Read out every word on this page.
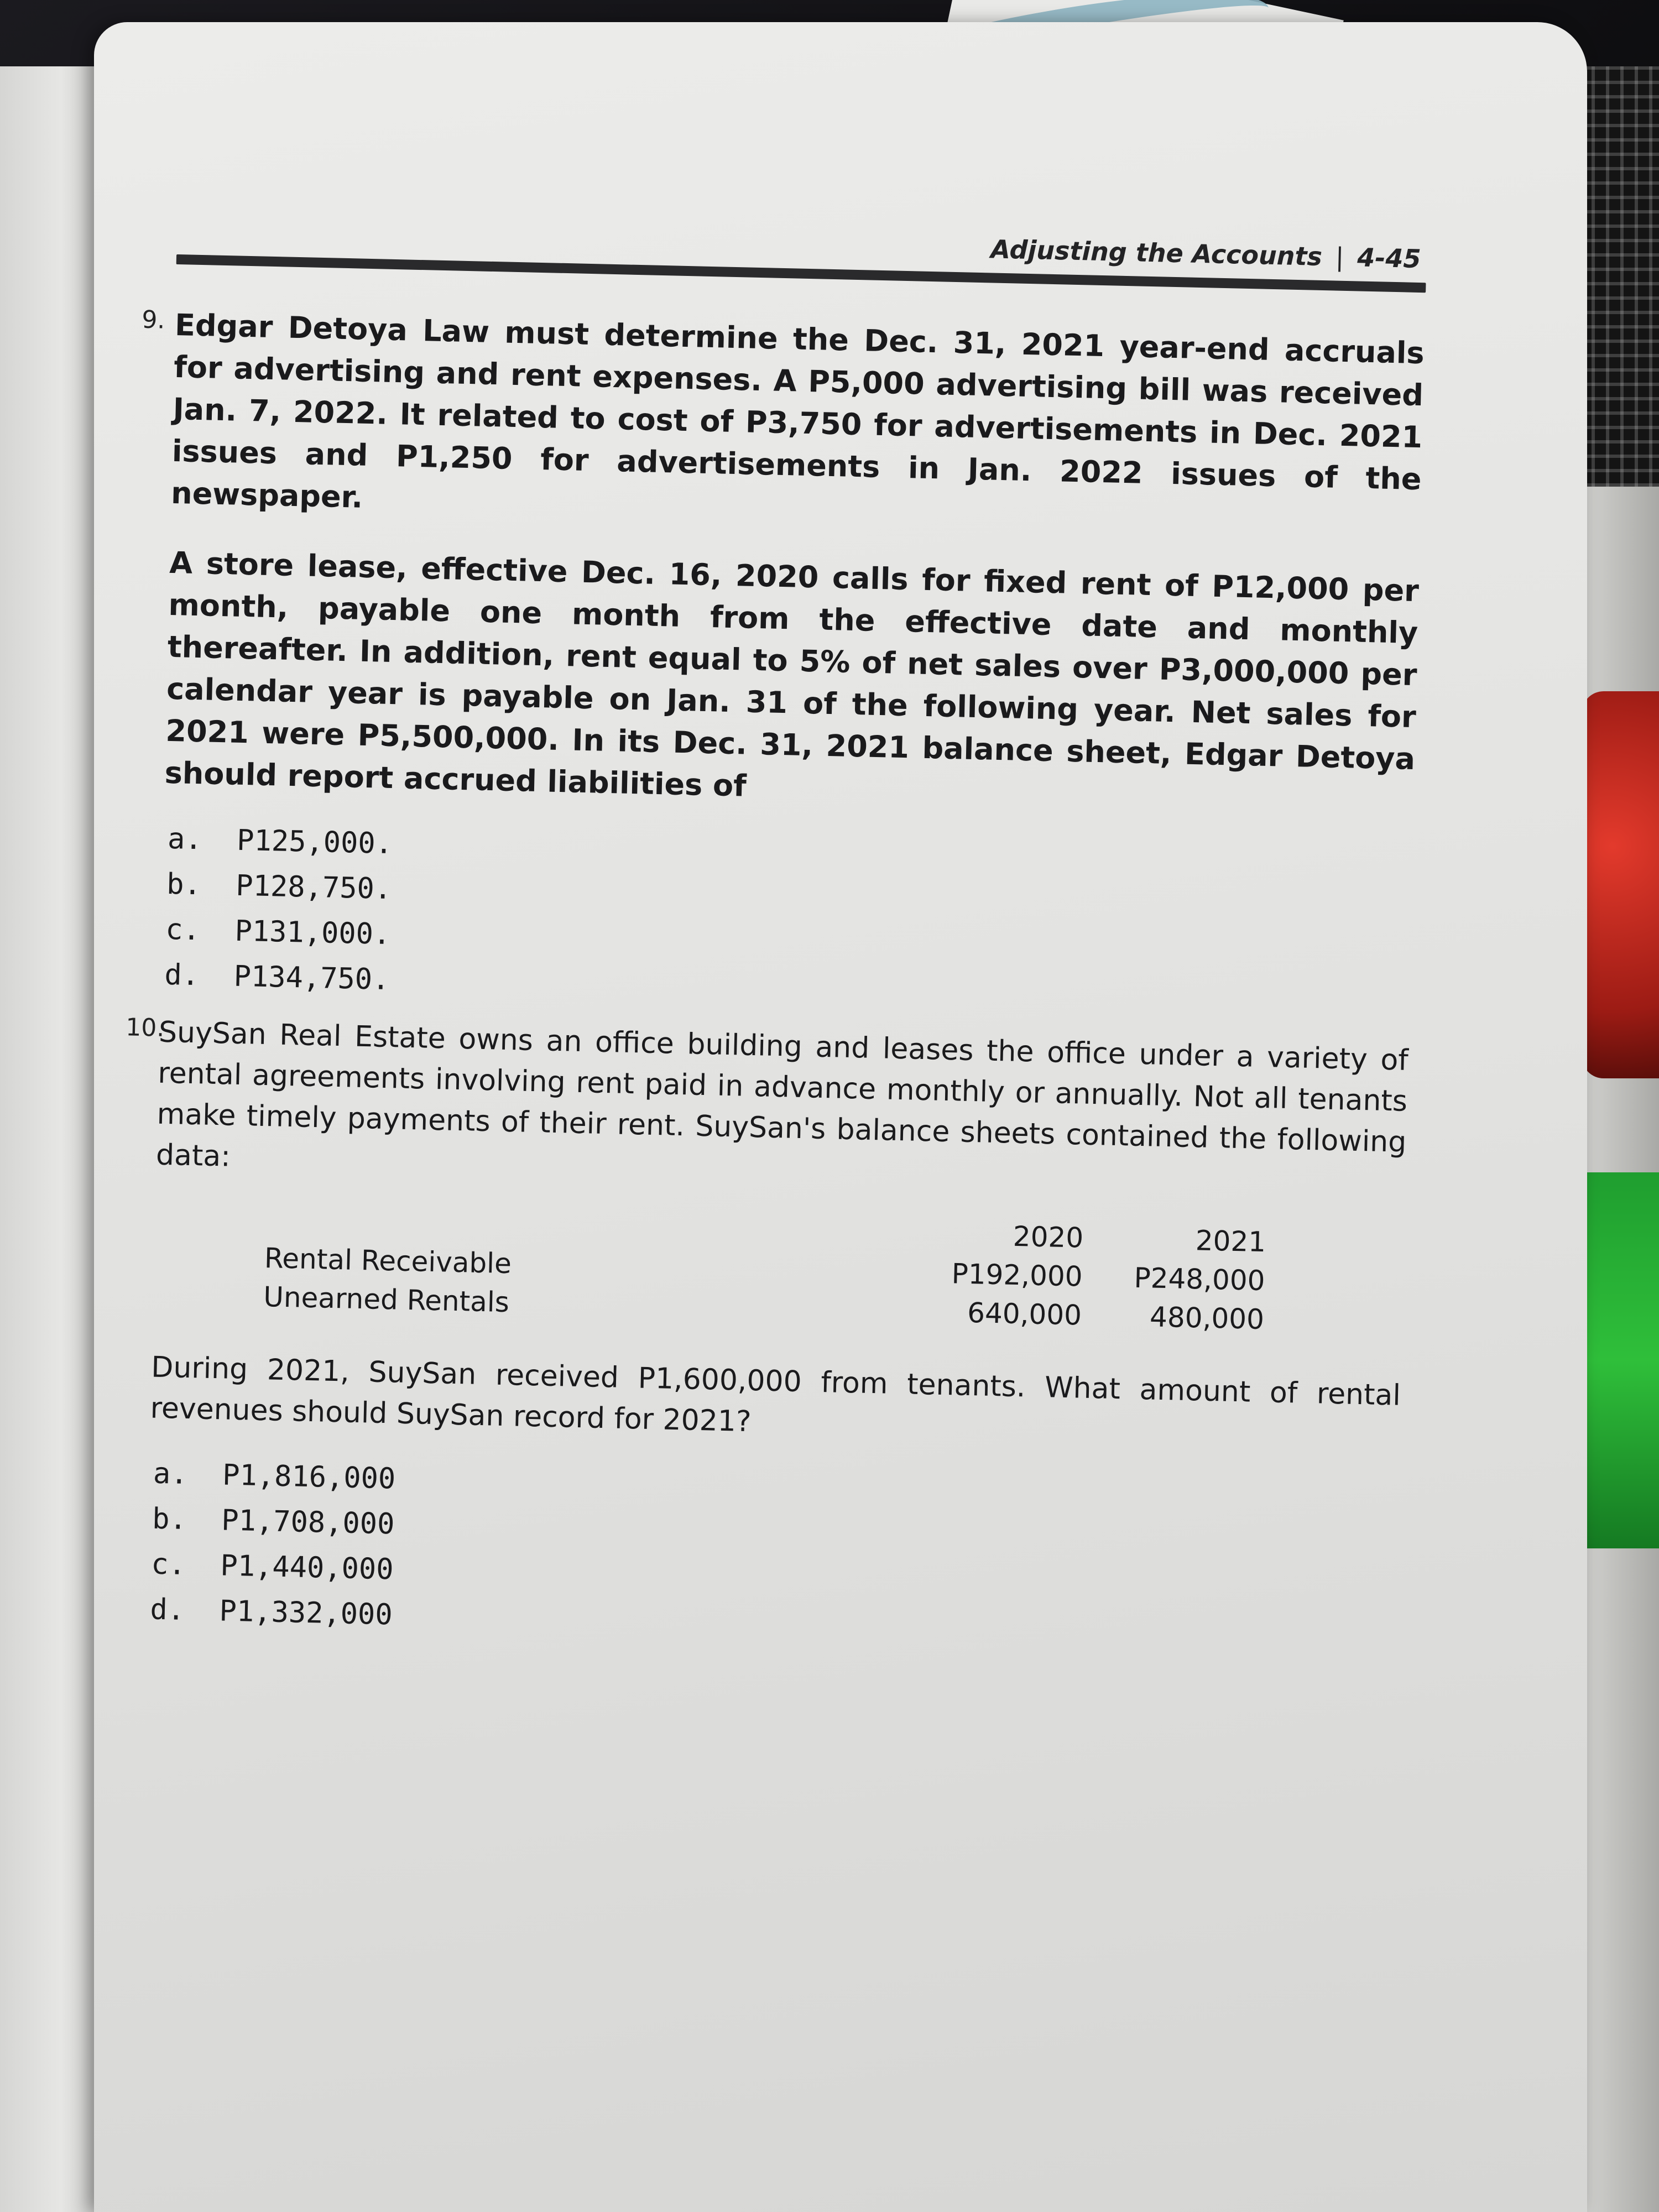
Adjusting the Accounts | 4-45
9. Edgar Detoya Law must determine the Dec. 31, 2021 year-end accruals for advertising and rent expenses. A P5,000 advertising bill was received Jan. 7, 2022. It related to cost of P3,750 for advertisements in Dec. 2021 issues and P1,250 for advertisements in Jan. 2022 issues of the newspaper.

A store lease, effective Dec. 16, 2020 calls for fixed rent of P12,000 per month, payable one month from the effective date and monthly thereafter. In addition, rent equal to 5% of net sales over P3,000,000 per calendar year is payable on Jan. 31 of the following year. Net sales for 2021 were P5,500,000. In its Dec. 31, 2021 balance sheet, Edgar Detoya should report accrued liabilities of

a.  P125,000.
b.  P128,750.
c.  P131,000.
d.  P134,750.
10.

SuySan Real Estate owns an office building and leases the office under a variety of rental agreements involving rent paid in advance monthly or annually. Not all tenants make timely payments of their rent. SuySan's balance sheets contained the following data:

	2020	2021
Rental Receivable	P192,000	P248,000
Unearned Rentals	640,000	480,000

During 2021, SuySan received P1,600,000 from tenants. What amount of rental revenues should SuySan record for 2021?

a.  P1,816,000
b.  P1,708,000
c.  P1,440,000
d.  P1,332,000
